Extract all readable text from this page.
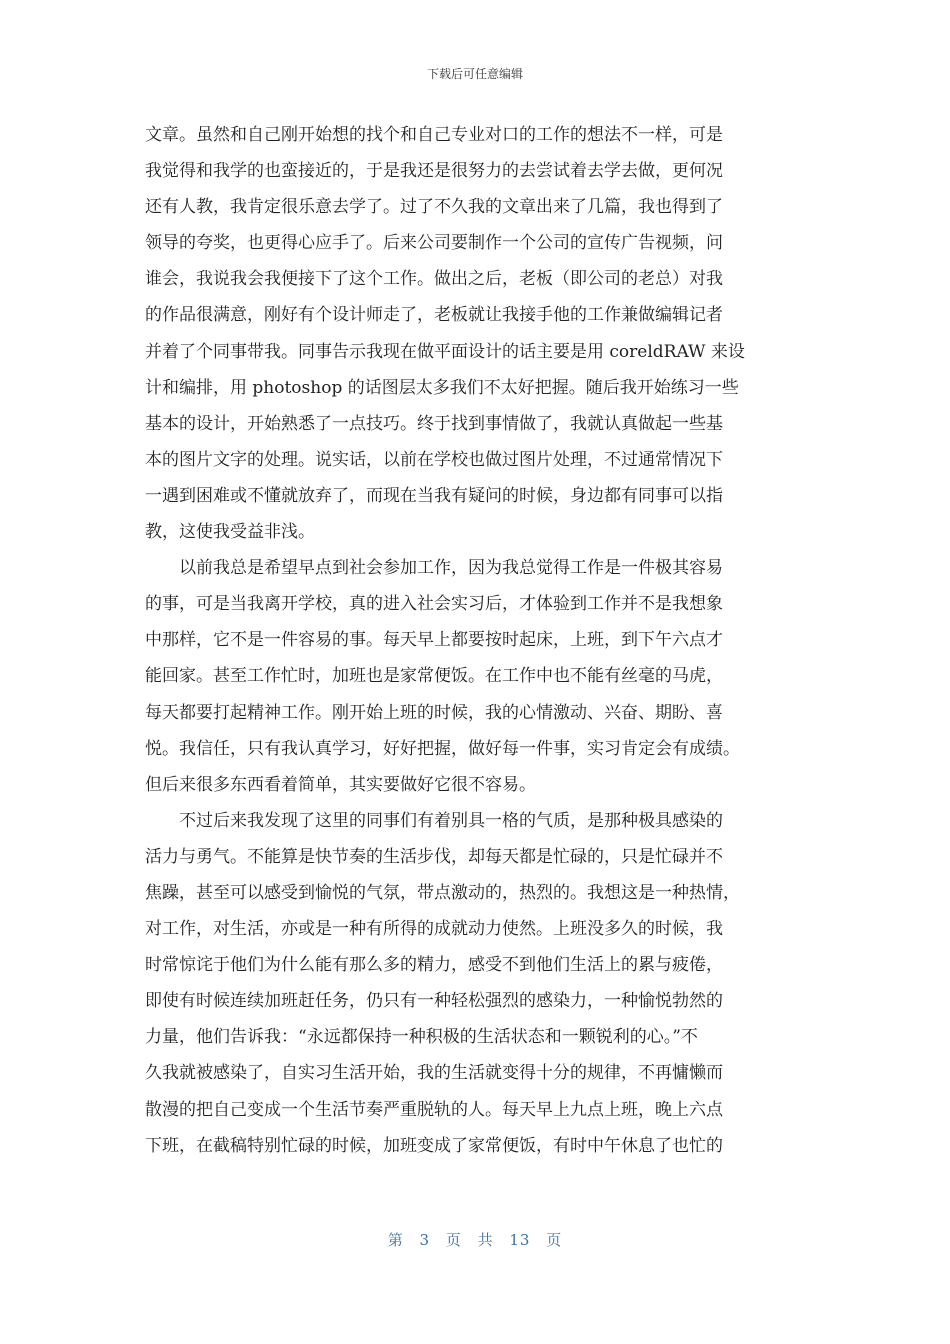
下载后可任意编辑
文章。虽然和自己刚开始想的找个和自己专业对口的工作的想法不一样，可是
我觉得和我学的也蛮接近的，于是我还是很努力的去尝试着去学去做，更何况
还有人教，我肯定很乐意去学了。过了不久我的文章出来了几篇，我也得到了
领导的夸奖，也更得心应手了。后来公司要制作一个公司的宣传广告视频，问
谁会，我说我会我便接下了这个工作。做出之后，老板（即公司的老总）对我
的作品很满意，刚好有个设计师走了，老板就让我接手他的工作兼做编辑记者
并着了个同事带我。同事告示我现在做平面设计的话主要是用 coreldRAW 来设
计和编排，用 photoshop 的话图层太多我们不太好把握。随后我开始练习一些
基本的设计，开始熟悉了一点技巧。终于找到事情做了，我就认真做起一些基
本的图片文字的处理。说实话，以前在学校也做过图片处理，不过通常情况下
一遇到困难或不懂就放弃了，而现在当我有疑问的时候，身边都有同事可以指
教，这使我受益非浅。
　　以前我总是希望早点到社会参加工作，因为我总觉得工作是一件极其容易
的事，可是当我离开学校，真的进入社会实习后，才体验到工作并不是我想象
中那样，它不是一件容易的事。每天早上都要按时起床，上班，到下午六点才
能回家。甚至工作忙时，加班也是家常便饭。在工作中也不能有丝毫的马虎，
每天都要打起精神工作。刚开始上班的时候，我的心情激动、兴奋、期盼、喜
悦。我信任，只有我认真学习，好好把握，做好每一件事，实习肯定会有成绩。
但后来很多东西看着简单，其实要做好它很不容易。
　　不过后来我发现了这里的同事们有着别具一格的气质，是那种极具感染的
活力与勇气。不能算是快节奏的生活步伐，却每天都是忙碌的，只是忙碌并不
焦躁，甚至可以感受到愉悦的气氛，带点激动的，热烈的。我想这是一种热情，
对工作，对生活，亦或是一种有所得的成就动力使然。上班没多久的时候，我
时常惊诧于他们为什么能有那么多的精力，感受不到他们生活上的累与疲倦，
即使有时候连续加班赶任务，仍只有一种轻松强烈的感染力，一种愉悦勃然的
力量，他们告诉我：“永远都保持一种积极的生活状态和一颗锐利的心。”不
久我就被感染了，自实习生活开始，我的生活就变得十分的规律，不再慵懒而
散漫的把自己变成一个生活节奏严重脱轨的人。每天早上九点上班，晚上六点
下班，在截稿特别忙碌的时候，加班变成了家常便饭，有时中午休息了也忙的
第 3 页 共 13 页
